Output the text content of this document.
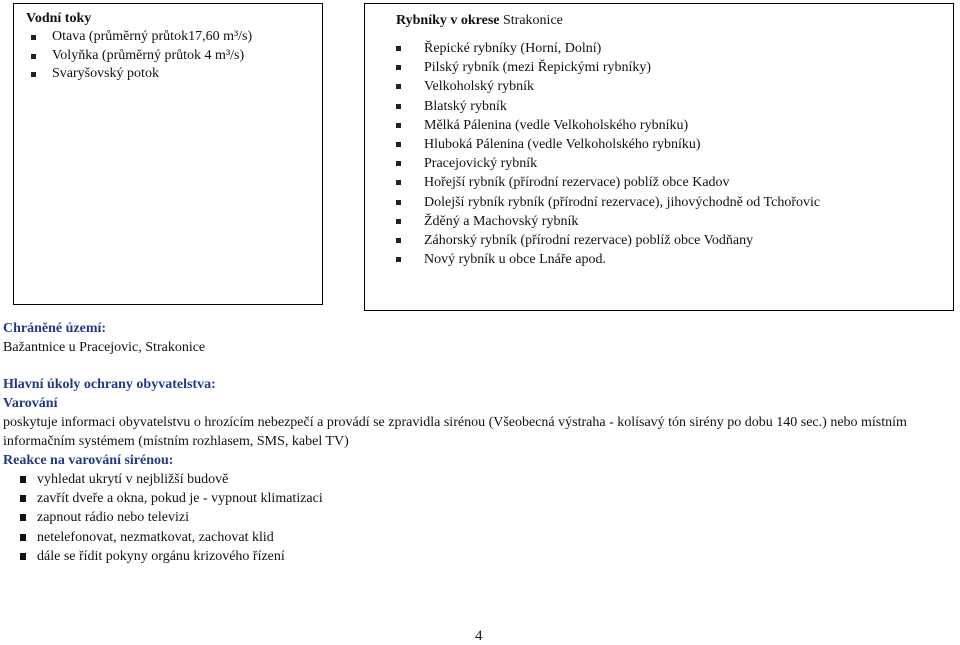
Vodní toky
Otava (průměrný průtok17,60 m³/s)
Volyňka (průměrný průtok 4 m³/s)
Svaryšovský potok
Rybníky v okrese Strakonice
Řepické rybníky (Horní, Dolní)
Pilský rybník (mezi Řepickými rybníky)
Velkoholský rybník
Blatský rybník
Mělká Pálenina (vedle Velkoholského rybníku)
Hluboká Pálenina (vedle Velkoholského rybníku)
Pracejovický rybník
Hořejší rybník (přírodní rezervace) poblíž obce Kadov
Dolejší rybník rybník (přírodní rezervace), jihovýchodně od Tchořovic
Žděný a Machovský rybník
Záhorský rybník (přírodní rezervace) poblíž obce Vodňany
Nový rybník u obce Lnáře apod.
Chráněné území:
Bažantnice u Pracejovic, Strakonice
Hlavní úkoly ochrany obyvatelstva:
Varování
poskytuje informaci obyvatelstvu o hrozícím nebezpečí a provádí se zpravidla sirénou (Všeobecná výstraha - kolísavý tón sirény po dobu 140 sec.) nebo místním informačním systémem (místním rozhlasem, SMS, kabel TV)
Reakce na varování sirénou:
vyhledat ukrytí v nejbližší budově
zavřít dveře a okna, pokud je - vypnout klimatizaci
zapnout rádio nebo televizi
netelefonovat, nezmatkovat, zachovat klid
dále se řídit pokyny orgánu krizového řízení
4
